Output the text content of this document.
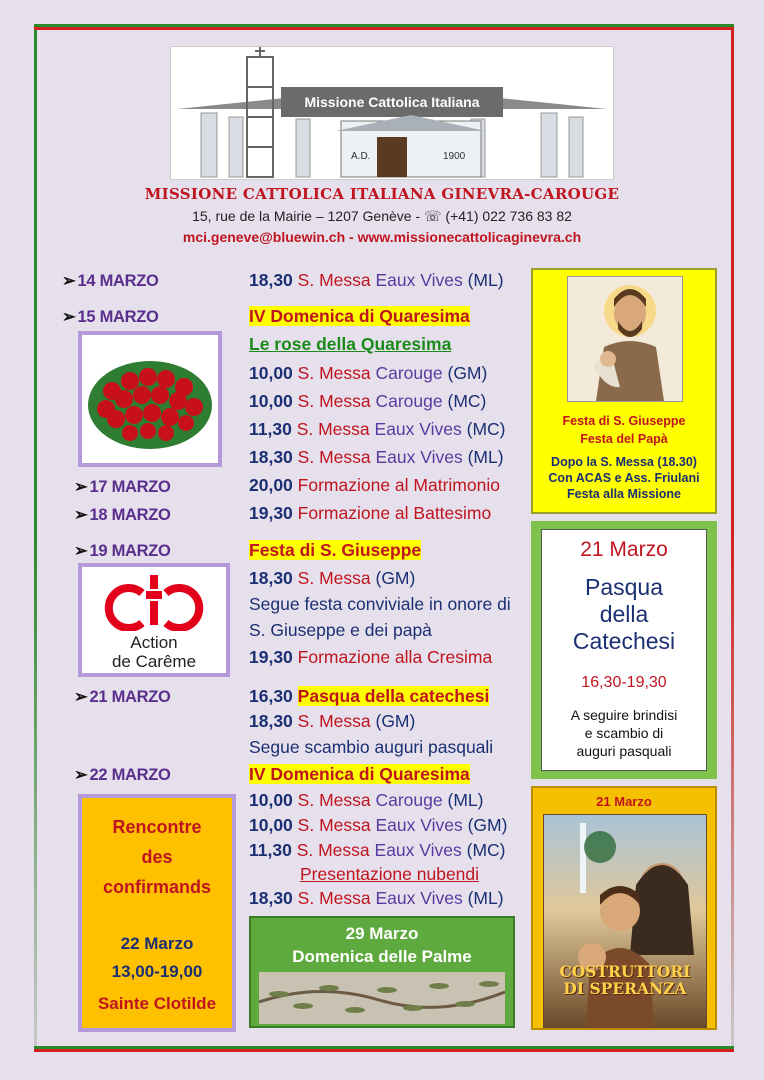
Missione Cattolica Italiana
A.D.	1900
MISSIONE CATTOLICA ITALIANA GINEVRA-CAROUGE
15, rue de la Mairie – 1207 Genève - ☏ (+41) 022 736 83 82
mci.geneve@bluewin.ch - www.missionecattolicaginevra.ch
➢ 14 MARZO	18,30 S. Messa Eaux Vives (ML)
➢ 15 MARZO	IV Domenica di Quaresima
Le rose della Quaresima
10,00 S. Messa Carouge (GM)
10,00 S. Messa Carouge (MC)
11,30 S. Messa Eaux Vives (MC)
18,30 S. Messa Eaux Vives (ML)
➢ 17 MARZO	20,00 Formazione al Matrimonio
➢ 18 MARZO	19,30 Formazione al Battesimo
➢ 19 MARZO	Festa di S. Giuseppe
18,30 S. Messa (GM)
Segue festa conviviale in onore di
S. Giuseppe e dei papà
19,30 Formazione alla Cresima
Action
de Carême
➢ 21 MARZO	16,30 Pasqua della catechesi
18,30 S. Messa (GM)
Segue scambio auguri pasquali
➢ 22 MARZO	IV Domenica di Quaresima
10,00 S. Messa Carouge (ML)
10,00 S. Messa Eaux Vives (GM)
11,30 S. Messa Eaux Vives (MC)
Presentazione nubendi
18,30 S. Messa Eaux Vives (ML)
Festa di S. Giuseppe
Festa del Papà
Dopo la S. Messa (18.30)
Con ACAS e Ass. Friulani
Festa alla Missione
21 Marzo
Pasqua
della
Catechesi
16,30-19,30
A seguire brindisi
e scambio di
auguri pasquali
21 Marzo
COSTRUTTORI
DI SPERANZA
Rencontre
des
confirmands
22 Marzo
13,00-19,00
Sainte Clotilde
29 Marzo
Domenica delle Palme
